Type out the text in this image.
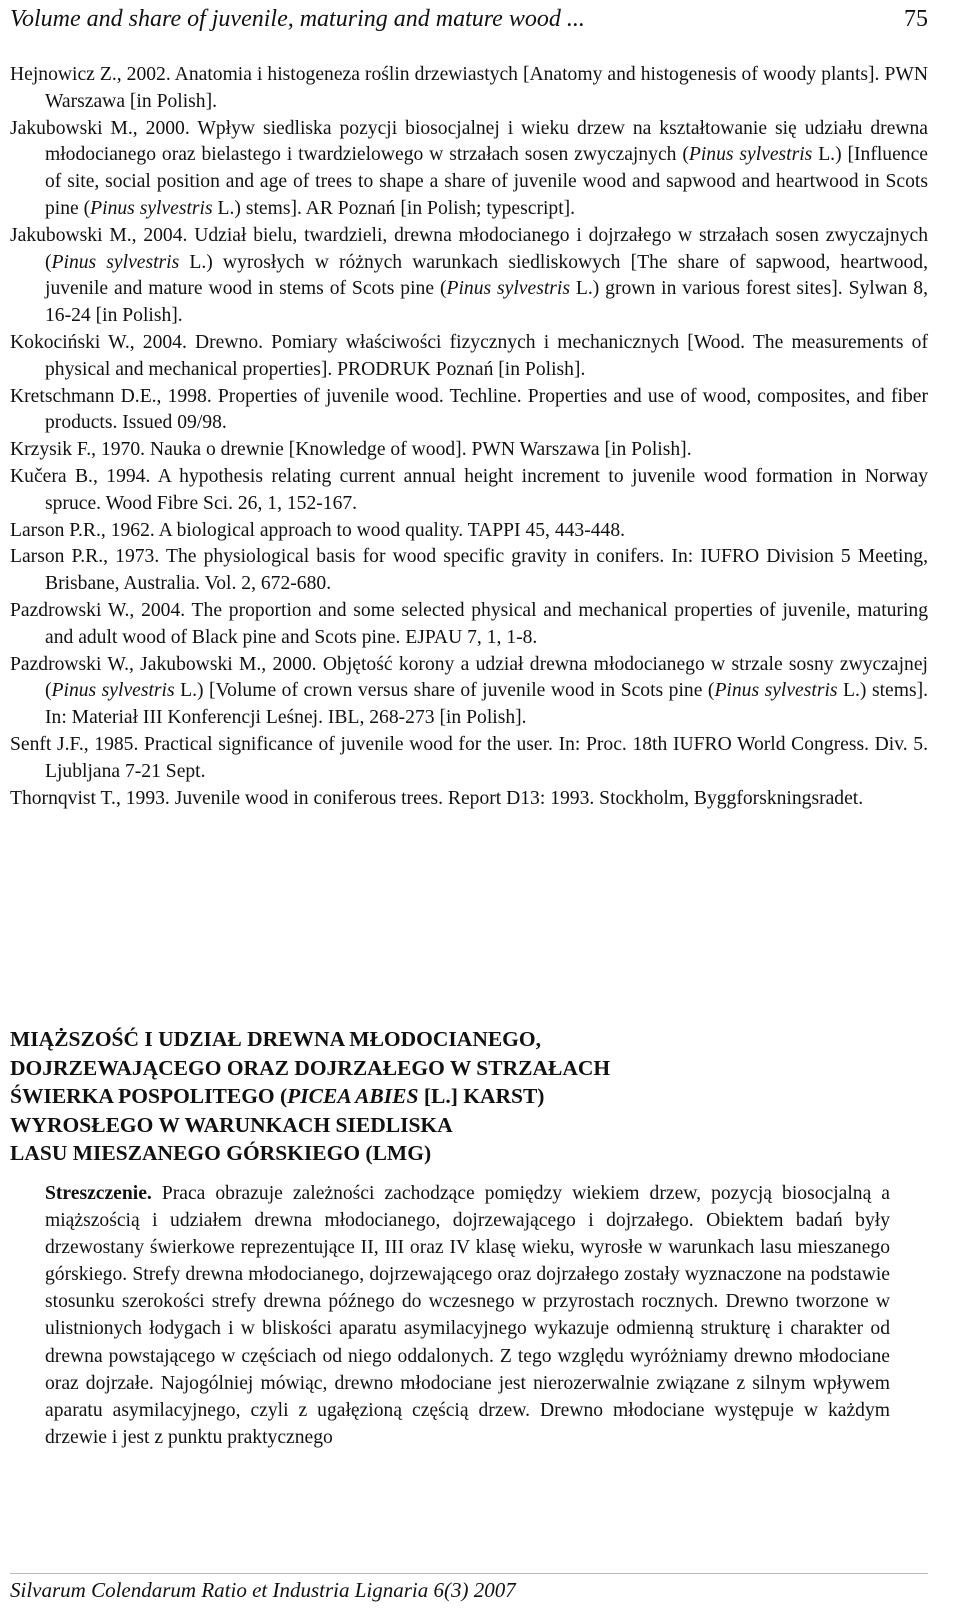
Volume and share of juvenile, maturing and mature wood ...	75

Hejnowicz Z., 2002. Anatomia i histogeneza roślin drzewiastych [Anatomy and histogenesis of woody plants]. PWN Warszawa [in Polish].

Jakubowski M., 2000. Wpływ siedliska pozycji biosocjalnej i wieku drzew na kształtowanie się udziału drewna młodocianego oraz bielastego i twardzielowego w strzałach sosen zwyczajnych (Pinus sylvestris L.) [Influence of site, social position and age of trees to shape a share of juvenile wood and sapwood and heartwood in Scots pine (Pinus sylvestris L.) stems]. AR Poznań [in Polish; typescript].

Jakubowski M., 2004. Udział bielu, twardzieli, drewna młodocianego i dojrzałego w strzałach sosen zwyczajnych (Pinus sylvestris L.) wyrosłych w różnych warunkach siedliskowych [The share of sapwood, heartwood, juvenile and mature wood in stems of Scots pine (Pinus sylvestris L.) grown in various forest sites]. Sylwan 8, 16-24 [in Polish].

Kokociński W., 2004. Drewno. Pomiary właściwości fizycznych i mechanicznych [Wood. The measurements of physical and mechanical properties]. PRODRUK Poznań [in Polish].

Kretschmann D.E., 1998. Properties of juvenile wood. Techline. Properties and use of wood, composites, and fiber products. Issued 09/98.

Krzysik F., 1970. Nauka o drewnie [Knowledge of wood]. PWN Warszawa [in Polish].

Kučera B., 1994. A hypothesis relating current annual height increment to juvenile wood formation in Norway spruce. Wood Fibre Sci. 26, 1, 152-167.

Larson P.R., 1962. A biological approach to wood quality. TAPPI 45, 443-448.

Larson P.R., 1973. The physiological basis for wood specific gravity in conifers. In: IUFRO Division 5 Meeting, Brisbane, Australia. Vol. 2, 672-680.

Pazdrowski W., 2004. The proportion and some selected physical and mechanical properties of juvenile, maturing and adult wood of Black pine and Scots pine. EJPAU 7, 1, 1-8.

Pazdrowski W., Jakubowski M., 2000. Objętość korony a udział drewna młodocianego w strzale sosny zwyczajnej (Pinus sylvestris L.) [Volume of crown versus share of juvenile wood in Scots pine (Pinus sylvestris L.) stems]. In: Materiał III Konferencji Leśnej. IBL, 268-273 [in Polish].

Senft J.F., 1985. Practical significance of juvenile wood for the user. In: Proc. 18th IUFRO World Congress. Div. 5. Ljubljana 7-21 Sept.

Thornqvist T., 1993. Juvenile wood in coniferous trees. Report D13: 1993. Stockholm, Byggforskningsradet.

MIĄŻSZOŚĆ I UDZIAŁ DREWNA MŁODOCIANEGO,
DOJRZEWAJĄCEGO ORAZ DOJRZAŁEGO W STRZAŁACH
ŚWIERKA POSPOLITEGO (PICEA ABIES [L.] KARST)
WYROSŁEGO W WARUNKACH SIEDLISKA
LASU MIESZANEGO GÓRSKIEGO (LMG)

Streszczenie. Praca obrazuje zależności zachodzące pomiędzy wiekiem drzew, pozycją biosocjalną a miąższością i udziałem drewna młodocianego, dojrzewającego i dojrzałego. Obiektem badań były drzewostany świerkowe reprezentujące II, III oraz IV klasę wieku, wyrosłe w warunkach lasu mieszanego górskiego. Strefy drewna młodocianego, dojrzewającego oraz dojrzałego zostały wyznaczone na podstawie stosunku szerokości strefy drewna późnego do wczesnego w przyrostach rocznych. Drewno tworzone w ulistnionych łodygach i w bliskości aparatu asymilacyjnego wykazuje odmienną strukturę i charakter od drewna powstającego w częściach od niego oddalonych. Z tego względu wyróżniamy drewno młodociane oraz dojrzałe. Najogólniej mówiąc, drewno młodociane jest nierozerwalnie związane z silnym wpływem aparatu asymilacyjnego, czyli z ugałęzioną częścią drzew. Drewno młodociane występuje w każdym drzewie i jest z punktu praktycznego

Silvarum Colendarum Ratio et Industria Lignaria 6(3) 2007
